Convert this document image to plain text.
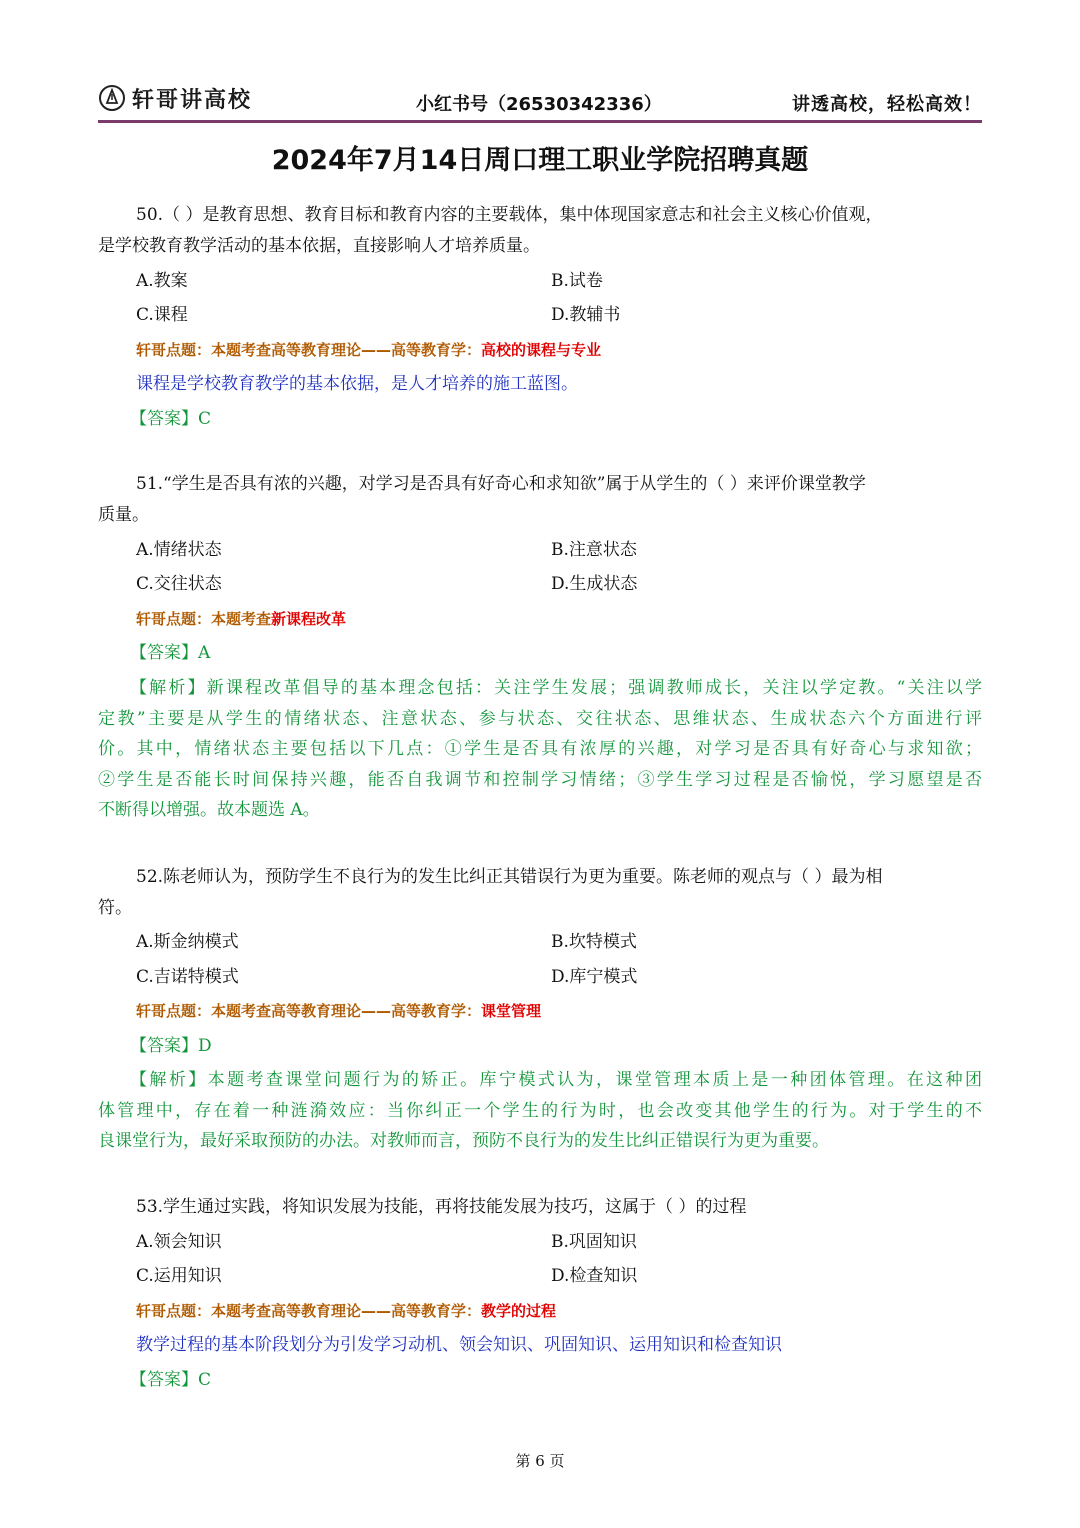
轩哥讲高校	小红书号（26530342336）	讲透高校，轻松高效！
2024年7月14日周口理工职业学院招聘真题
50.（ ）是教育思想、教育目标和教育内容的主要载体，集中体现国家意志和社会主义核心价值观，
是学校教育教学活动的基本依据，直接影响人才培养质量。
A.教案	B.试卷
C.课程	D.教辅书
轩哥点题：本题考查高等教育理论——高等教育学：高校的课程与专业
课程是学校教育教学的基本依据，是人才培养的施工蓝图。
【答案】C
51.“学生是否具有浓的兴趣，对学习是否具有好奇心和求知欲”属于从学生的（ ）来评价课堂教学
质量。
A.情绪状态	B.注意状态
C.交往状态	D.生成状态
轩哥点题：本题考查新课程改革
【答案】A
【解析】新课程改革倡导的基本理念包括：关注学生发展；强调教师成长，关注以学定教。“关注以学
定教”主要是从学生的情绪状态、注意状态、参与状态、交往状态、思维状态、生成状态六个方面进行评
价。其中，情绪状态主要包括以下几点：①学生是否具有浓厚的兴趣，对学习是否具有好奇心与求知欲；
②学生是否能长时间保持兴趣，能否自我调节和控制学习情绪；③学生学习过程是否愉悦，学习愿望是否
不断得以增强。故本题选 A。
52.陈老师认为，预防学生不良行为的发生比纠正其错误行为更为重要。陈老师的观点与（ ）最为相
符。
A.斯金纳模式	B.坎特模式
C.吉诺特模式	D.库宁模式
轩哥点题：本题考查高等教育理论——高等教育学：课堂管理
【答案】D
【解析】本题考查课堂问题行为的矫正。库宁模式认为，课堂管理本质上是一种团体管理。在这种团
体管理中，存在着一种涟漪效应：当你纠正一个学生的行为时，也会改变其他学生的行为。对于学生的不
良课堂行为，最好采取预防的办法。对教师而言，预防不良行为的发生比纠正错误行为更为重要。
53.学生通过实践，将知识发展为技能，再将技能发展为技巧，这属于（ ）的过程
A.领会知识	B.巩固知识
C.运用知识	D.检查知识
轩哥点题：本题考查高等教育理论——高等教育学：教学的过程
教学过程的基本阶段划分为引发学习动机、领会知识、巩固知识、运用知识和检查知识
【答案】C
第 6 页
